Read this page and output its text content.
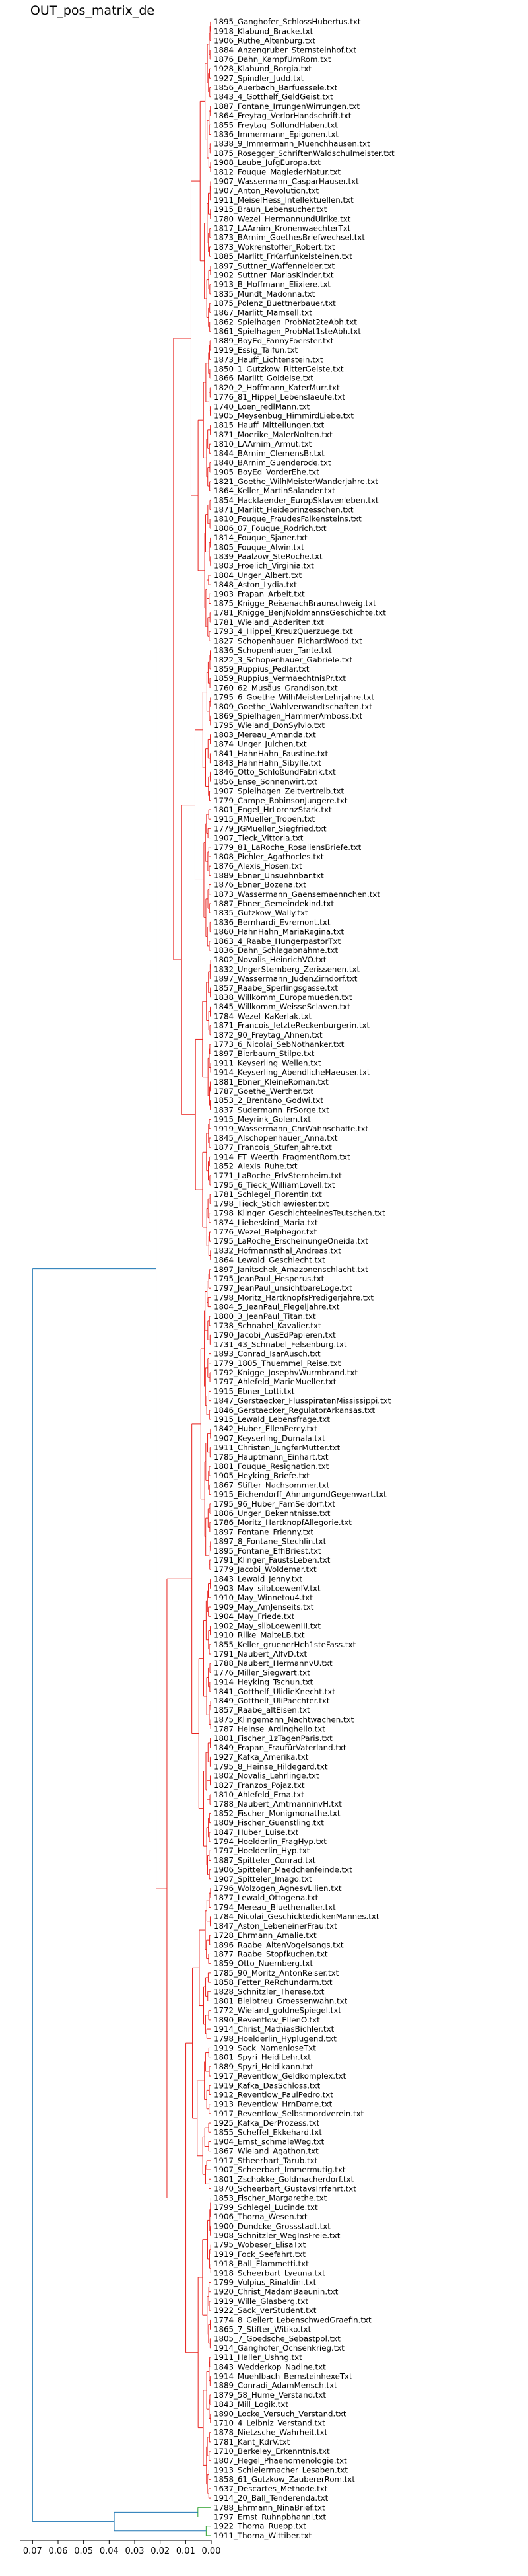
OUT_pos_matrix_de
1895_Ganghofer_SchlossHubertus.txt
1918_Klabund_Bracke.txt
1906_Ruthe_Altenburg.txt
1884_Anzengruber_Sternsteinhof.txt
1876_Dahn_KampfUmRom.txt
1928_Klabund_Borgia.txt
1927_Spindler_Judd.txt
1856_Auerbach_Barfuessele.txt
1843_4_Gotthelf_GeldGeist.txt
1887_Fontane_IrrungenWirrungen.txt
1864_Freytag_VerlorHandschrift.txt
1855_Freytag_SollundHaben.txt
1836_Immermann_Epigonen.txt
1838_9_Immermann_Muenchhausen.txt
1875_Rosegger_SchriftenWaldschulmeister.txt
1908_Laube_JufgEuropa.txt
1812_Fouque_MagiederNatur.txt
1907_Wassermann_CasparHauser.txt
1907_Anton_Revolution.txt
1911_MeiselHess_Intellektuellen.txt
1915_Braun_Lebensucher.txt
1780_Wezel_HermannundUlrike.txt
1817_LAArnim_KronenwaechterTxt
1873_BArnim_GoethesBriefwechsel.txt
1873_Wokrenstoffer_Robert.txt
1885_Marlitt_FrKarfunkelsteinen.txt
1897_Suttner_Waffenneider.txt
1902_Suttner_MariasKinder.txt
1913_B_Hoffmann_Elixiere.txt
1835_Mundt_Madonna.txt
1875_Polenz_Buettnerbauer.txt
1867_Marlitt_Mamsell.txt
1862_Spielhagen_ProbNat2teAbh.txt
1861_Spielhagen_ProbNat1steAbh.txt
1889_BoyEd_FannyFoerster.txt
1919_Essig_Taifun.txt
1873_Hauff_Lichtenstein.txt
1850_1_Gutzkow_RitterGeiste.txt
1866_Marlitt_Goldelse.txt
1820_2_Hoffmann_KaterMurr.txt
1776_81_Hippel_Lebenslaeufe.txt
1740_Loen_redlMann.txt
1905_Meysenbug_HimmirdLiebe.txt
1815_Hauff_Mitteilungen.txt
1871_Moerike_MalerNolten.txt
1810_LAArnim_Armut.txt
1844_BArnim_ClemensBr.txt
1840_BArnim_Guenderode.txt
1905_BoyEd_VorderEhe.txt
1821_Goethe_WilhMeisterWanderjahre.txt
1864_Keller_MartinSalander.txt
1854_Hacklaender_EuropSklavenleben.txt
1871_Marlitt_Heideprinzesschen.txt
1810_Fouque_FraudesFalkensteins.txt
1806_07_Fouque_Rodrich.txt
1814_Fouque_Sjaner.txt
1805_Fouque_Alwin.txt
1839_Paalzow_SteRoche.txt
1803_Froelich_Virginia.txt
1804_Unger_Albert.txt
1848_Aston_Lydia.txt
1903_Frapan_Arbeit.txt
1875_Knigge_ReisenachBraunschweig.txt
1781_Knigge_BenjNoldmannsGeschichte.txt
1781_Wieland_Abderiten.txt
1793_4_Hippel_KreuzQuerzuege.txt
1827_Schopenhauer_RichardWood.txt
1836_Schopenhauer_Tante.txt
1822_3_Schopenhauer_Gabriele.txt
1859_Ruppius_Pedlar.txt
1859_Ruppius_VermaechtnisPr.txt
1760_62_Musäus_Grandison.txt
1795_6_Goethe_WilhMeisterLehrjahre.txt
1809_Goethe_Wahlverwandtschaften.txt
1869_Spielhagen_HammerAmboss.txt
1795_Wieland_DonSylvio.txt
1803_Mereau_Amanda.txt
1874_Unger_Julchen.txt
1841_HahnHahn_Faustine.txt
1843_HahnHahn_Sibylle.txt
1846_Otto_SchloßundFabrik.txt
1856_Ense_Sonnenwirt.txt
1907_Spielhagen_Zeitvertreib.txt
1779_Campe_RobinsonJungere.txt
1801_Engel_HrLorenzStark.txt
1915_RMueller_Tropen.txt
1779_JGMueller_Siegfried.txt
1907_Tieck_Vittoria.txt
1779_81_LaRoche_RosaliensBriefe.txt
1808_Pichler_Agathocles.txt
1876_Alexis_Hosen.txt
1889_Ebner_Unsuehnbar.txt
1876_Ebner_Bozena.txt
1873_Wassermann_Gaensemaennchen.txt
1887_Ebner_Gemeindekind.txt
1835_Gutzkow_Wally.txt
1836_Bernhardi_Evremont.txt
1860_HahnHahn_MariaRegina.txt
1863_4_Raabe_HungerpastorTxt
1836_Dahn_Schlagabnahme.txt
1802_Novalis_HeinrichVO.txt
1832_UngerSternberg_Zerissenen.txt
1897_Wassermann_JudenZirndorf.txt
1857_Raabe_Sperlingsgasse.txt
1838_Willkomm_Europamueden.txt
1845_Willkomm_WeisseSclaven.txt
1784_Wezel_KaKerlak.txt
1871_Francois_letzteReckenburgerin.txt
1872_90_Freytag_Ahnen.txt
1773_6_Nicolai_SebNothanker.txt
1897_Bierbaum_Stilpe.txt
1911_Keyserling_Wellen.txt
1914_Keyserling_AbendlicheHaeuser.txt
1881_Ebner_KleineRoman.txt
1787_Goethe_Werther.txt
1853_2_Brentano_Godwi.txt
1837_Sudermann_FrSorge.txt
1915_Meyrink_Golem.txt
1919_Wassermann_ChrWahnschaffe.txt
1845_AIschopenhauer_Anna.txt
1877_Francois_Stufenjahre.txt
1914_FT_Weerth_FragmentRom.txt
1852_Alexis_Ruhe.txt
1771_LaRoche_FrlvSternheim.txt
1795_6_Tieck_WilliamLovell.txt
1781_Schlegel_Florentin.txt
1798_Tieck_Stichlewiester.txt
1798_Klinger_GeschichteeinesTeutschen.txt
1874_Liebeskind_Maria.txt
1776_Wezel_Belphegor.txt
1795_LaRoche_ErscheinungeOneida.txt
1832_Hofmannsthal_Andreas.txt
1864_Lewald_Geschlecht.txt
1897_Janitschek_Amazonenschlacht.txt
1795_JeanPaul_Hesperus.txt
1797_JeanPaul_unsichtbareLoge.txt
1798_Moritz_HartknopfsPredigerjahre.txt
1804_5_JeanPaul_Flegeljahre.txt
1800_3_JeanPaul_Titan.txt
1738_Schnabel_Kavalier.txt
1790_Jacobi_AusEdPapieren.txt
1731_43_Schnabel_Felsenburg.txt
1893_Conrad_IsarAusch.txt
1779_1805_Thuemmel_Reise.txt
1792_Knigge_JosephvWurmbrand.txt
1797_Ahlefeld_MarieMueller.txt
1915_Ebner_Lotti.txt
1847_Gerstaecker_FlusspiratenMississippi.txt
1846_Gerstaecker_RegulatorArkansas.txt
1915_Lewald_Lebensfrage.txt
1842_Huber_EllenPercy.txt
1907_Keyserling_Dumala.txt
1911_Christen_JungferMutter.txt
1785_Hauptmann_Einhart.txt
1801_Fouque_Resignation.txt
1905_Heyking_Briefe.txt
1867_Stifter_Nachsommer.txt
1915_Eichendorff_AhnungundGegenwart.txt
1795_96_Huber_FamSeldorf.txt
1806_Unger_Bekenntnisse.txt
1786_Moritz_HartknopfAllegorie.txt
1897_Fontane_Frlenny.txt
1897_8_Fontane_Stechlin.txt
1895_Fontane_EffiBriest.txt
1791_Klinger_FaustsLeben.txt
1779_Jacobi_Woldemar.txt
1843_Lewald_Jenny.txt
1903_May_silbLoewenIV.txt
1910_May_Winnetou4.txt
1909_May_AmJenseits.txt
1904_May_Friede.txt
1902_May_silbLoewenIII.txt
1910_Rilke_MalteLB.txt
1855_Keller_gruenerHch1steFass.txt
1791_Naubert_AlfvD.txt
1788_Naubert_HermannvU.txt
1776_Miller_Siegwart.txt
1914_Heyking_Tschun.txt
1841_Gotthelf_UlidieKnecht.txt
1849_Gotthelf_UliPaechter.txt
1857_Raabe_altEisen.txt
1875_Klingemann_Nachtwachen.txt
1787_Heinse_Ardinghello.txt
1801_Fischer_1zTagenParis.txt
1849_Frapan_FraufürVaterland.txt
1927_Kafka_Amerika.txt
1795_8_Heinse_Hildegard.txt
1802_Novalis_Lehrlinge.txt
1827_Franzos_Pojaz.txt
1810_Ahlefeld_Erna.txt
1788_Naubert_AmtmanninvH.txt
1852_Fischer_Monigmonathe.txt
1809_Fischer_Guenstling.txt
1847_Huber_Luise.txt
1794_Hoelderlin_FragHyp.txt
1797_Hoelderlin_Hyp.txt
1887_Spitteler_Conrad.txt
1906_Spitteler_Maedchenfeinde.txt
1907_Spitteler_Imago.txt
1796_Wolzogen_AgnesvLilien.txt
1877_Lewald_Ottogena.txt
1794_Mereau_Bluethenalter.txt
1784_Nicolai_GeschicktedickenMannes.txt
1847_Aston_LebeneinerFrau.txt
1728_Ehrmann_Amalie.txt
1896_Raabe_AltenVogelsangs.txt
1877_Raabe_Stopfkuchen.txt
1859_Otto_Nuernberg.txt
1785_90_Moritz_AntonReiser.txt
1858_Fetter_ReRchundarm.txt
1828_Schnitzler_Therese.txt
1801_Bleibtreu_Groessenwahn.txt
1772_Wieland_goldneSpiegel.txt
1890_Reventlow_EllenO.txt
1914_Christ_MathiasBichler.txt
1798_Hoelderlin_Hyplugend.txt
1919_Sack_NamenloseTxt
1801_Spyri_HeidiLehr.txt
1889_Spyri_Heidikann.txt
1917_Reventlow_Geldkomplex.txt
1919_Kafka_DasSchloss.txt
1912_Reventlow_PaulPedro.txt
1913_Reventlow_HrnDame.txt
1917_Reventlow_Selbstmordverein.txt
1925_Kafka_DerProzess.txt
1855_Scheffel_Ekkehard.txt
1904_Ernst_schmaleWeg.txt
1867_Wieland_Agathon.txt
1917_Stheerbart_Tarub.txt
1907_Scheerbart_Immermutig.txt
1801_Zschokke_Goldmacherdorf.txt
1870_Scheerbart_GustavsIrrfahrt.txt
1853_Fischer_Margarethe.txt
1799_Schlegel_Lucinde.txt
1906_Thoma_Wesen.txt
1900_Dundcke_Grossstadt.txt
1908_Schnitzler_WegInsFreie.txt
1795_Wobeser_ElisaTxt
1919_Fock_Seefahrt.txt
1918_Ball_Flammetti.txt
1918_Scheerbart_Lyeuna.txt
1799_Vulpius_Rinaldini.txt
1920_Christ_MadamBaeunin.txt
1919_Wille_Glasberg.txt
1922_Sack_verStudent.txt
1774_8_Gellert_LebenschwedGraefin.txt
1865_7_Stifter_Witiko.txt
1805_7_Goedsche_Sebastpol.txt
1914_Ganghofer_Ochsenkrieg.txt
1911_Haller_Ushng.txt
1843_Wedderkop_Nadine.txt
1914_Muehlbach_BernsteinhexeTxt
1889_Conradi_AdamMensch.txt
1879_58_Hume_Verstand.txt
1843_Mill_Logik.txt
1890_Locke_Versuch_Verstand.txt
1710_4_Leibniz_Verstand.txt
1878_Nietzsche_Wahrheit.txt
1781_Kant_KdrV.txt
1710_Berkeley_Erkenntnis.txt
1807_Hegel_Phaenomenologie.txt
1913_Schleiermacher_Lesaben.txt
1858_61_Gutzkow_ZaubererRom.txt
1637_Descartes_Methode.txt
1914_20_Ball_Tenderenda.txt
1788_Ehrmann_NinaBrief.txt
1797_Ernst_Ruhnpbhanni.txt
1922_Thoma_Ruepp.txt
1911_Thoma_Wittiber.txt
0.07 0.06 0.05 0.04 0.03 0.02 0.01 0.00
